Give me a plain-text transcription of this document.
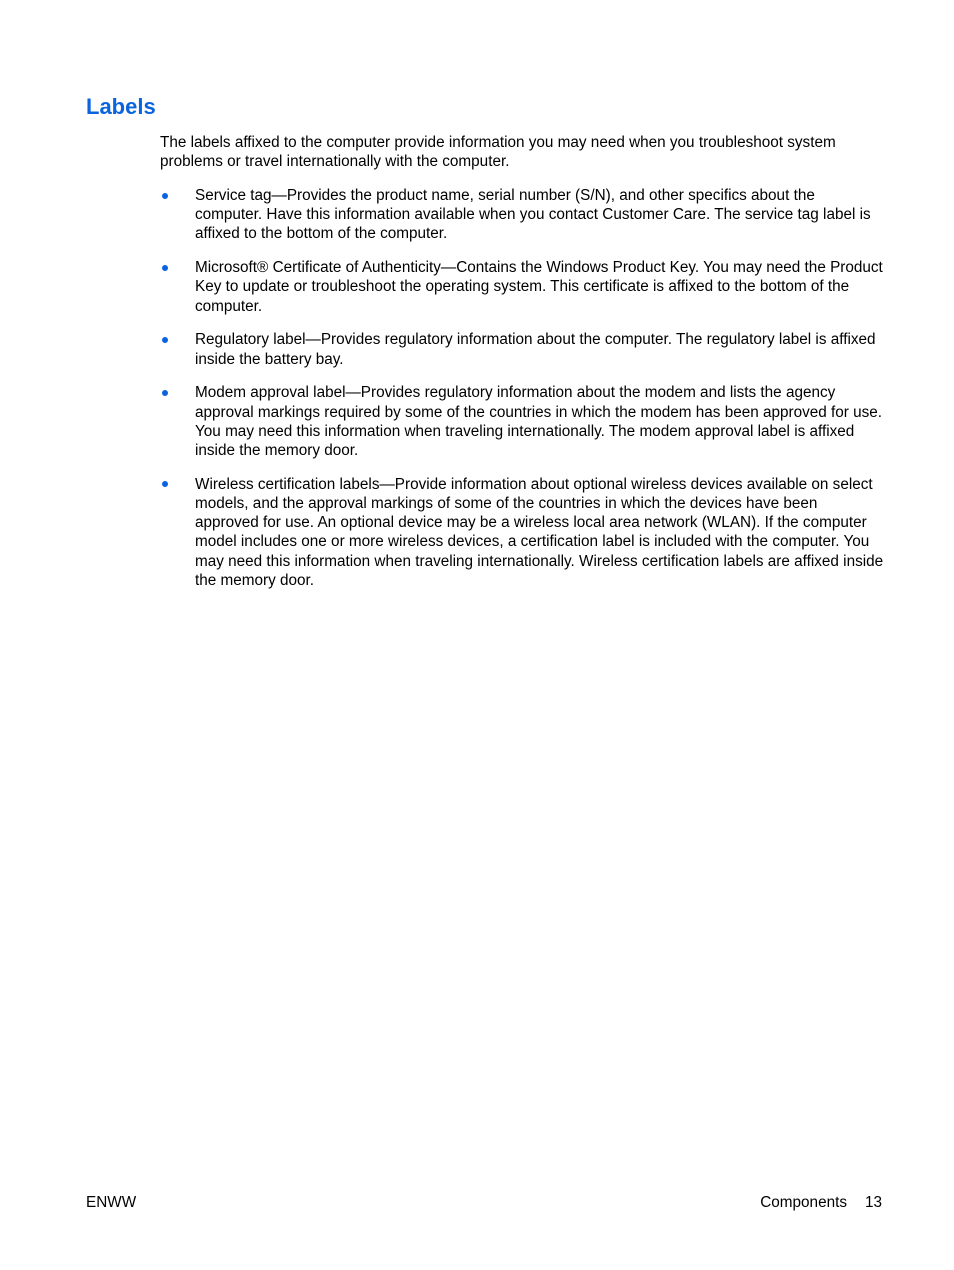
Labels

The labels affixed to the computer provide information you may need when you troubleshoot system problems or travel internationally with the computer.

Service tag—Provides the product name, serial number (S/N), and other specifics about the computer. Have this information available when you contact Customer Care. The service tag label is affixed to the bottom of the computer.
Microsoft® Certificate of Authenticity—Contains the Windows Product Key. You may need the Product Key to update or troubleshoot the operating system. This certificate is affixed to the bottom of the computer.
Regulatory label—Provides regulatory information about the computer. The regulatory label is affixed inside the battery bay.
Modem approval label—Provides regulatory information about the modem and lists the agency approval markings required by some of the countries in which the modem has been approved for use. You may need this information when traveling internationally. The modem approval label is affixed inside the memory door.
Wireless certification labels—Provide information about optional wireless devices available on select models, and the approval markings of some of the countries in which the devices have been approved for use. An optional device may be a wireless local area network (WLAN). If the computer model includes one or more wireless devices, a certification label is included with the computer. You may need this information when traveling internationally. Wireless certification labels are affixed inside the memory door.
ENWW	Components 13
